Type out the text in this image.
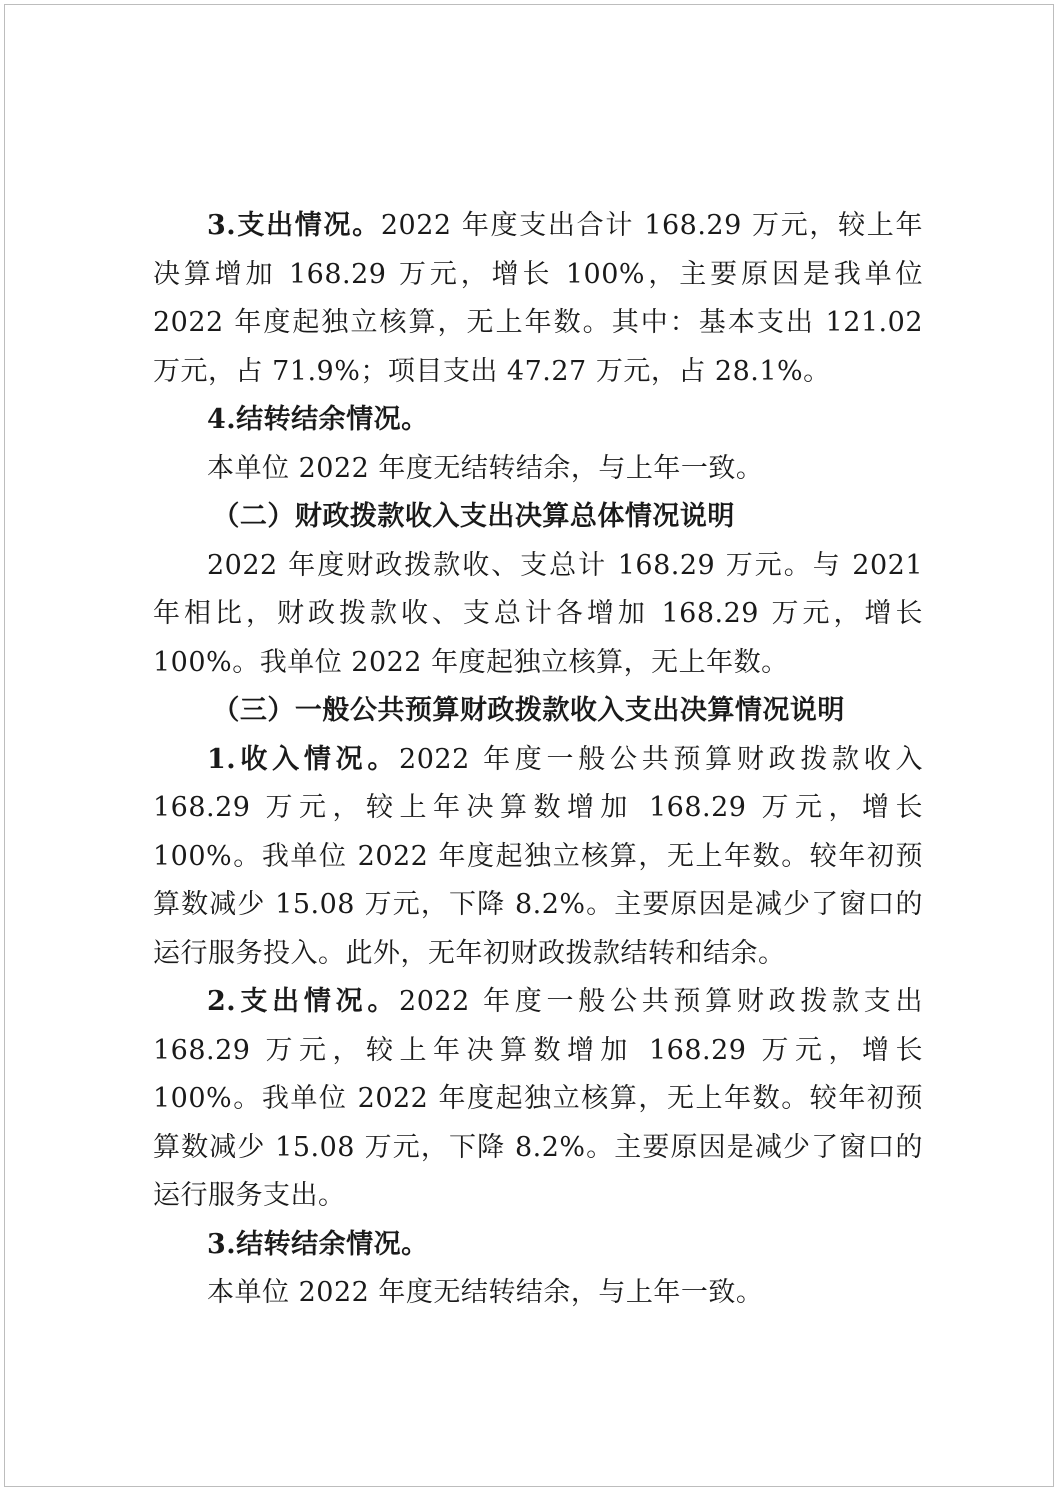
3.支出情况。2022 年度支出合计 168.29 万元，较上年决算增加 168.29 万元，增长 100%，主要原因是我单位 2022 年度起独立核算，无上年数。其中：基本支出 121.02 万元，占 71.9%；项目支出 47.27 万元，占 28.1%。

4.结转结余情况。

本单位 2022 年度无结转结余，与上年一致。

（二）财政拨款收入支出决算总体情况说明

2022 年度财政拨款收、支总计 168.29 万元。与 2021 年相比，财政拨款收、支总计各增加 168.29 万元，增长 100%。我单位 2022 年度起独立核算，无上年数。

（三）一般公共预算财政拨款收入支出决算情况说明

1.收入情况。2022 年度一般公共预算财政拨款收入 168.29 万元，较上年决算数增加 168.29 万元，增长 100%。我单位 2022 年度起独立核算，无上年数。较年初预算数减少 15.08 万元，下降 8.2%。主要原因是减少了窗口的运行服务投入。此外，无年初财政拨款结转和结余。

2.支出情况。2022 年度一般公共预算财政拨款支出 168.29 万元，较上年决算数增加 168.29 万元，增长 100%。我单位 2022 年度起独立核算，无上年数。较年初预算数减少 15.08 万元，下降 8.2%。主要原因是减少了窗口的运行服务支出。

3.结转结余情况。

本单位 2022 年度无结转结余，与上年一致。
